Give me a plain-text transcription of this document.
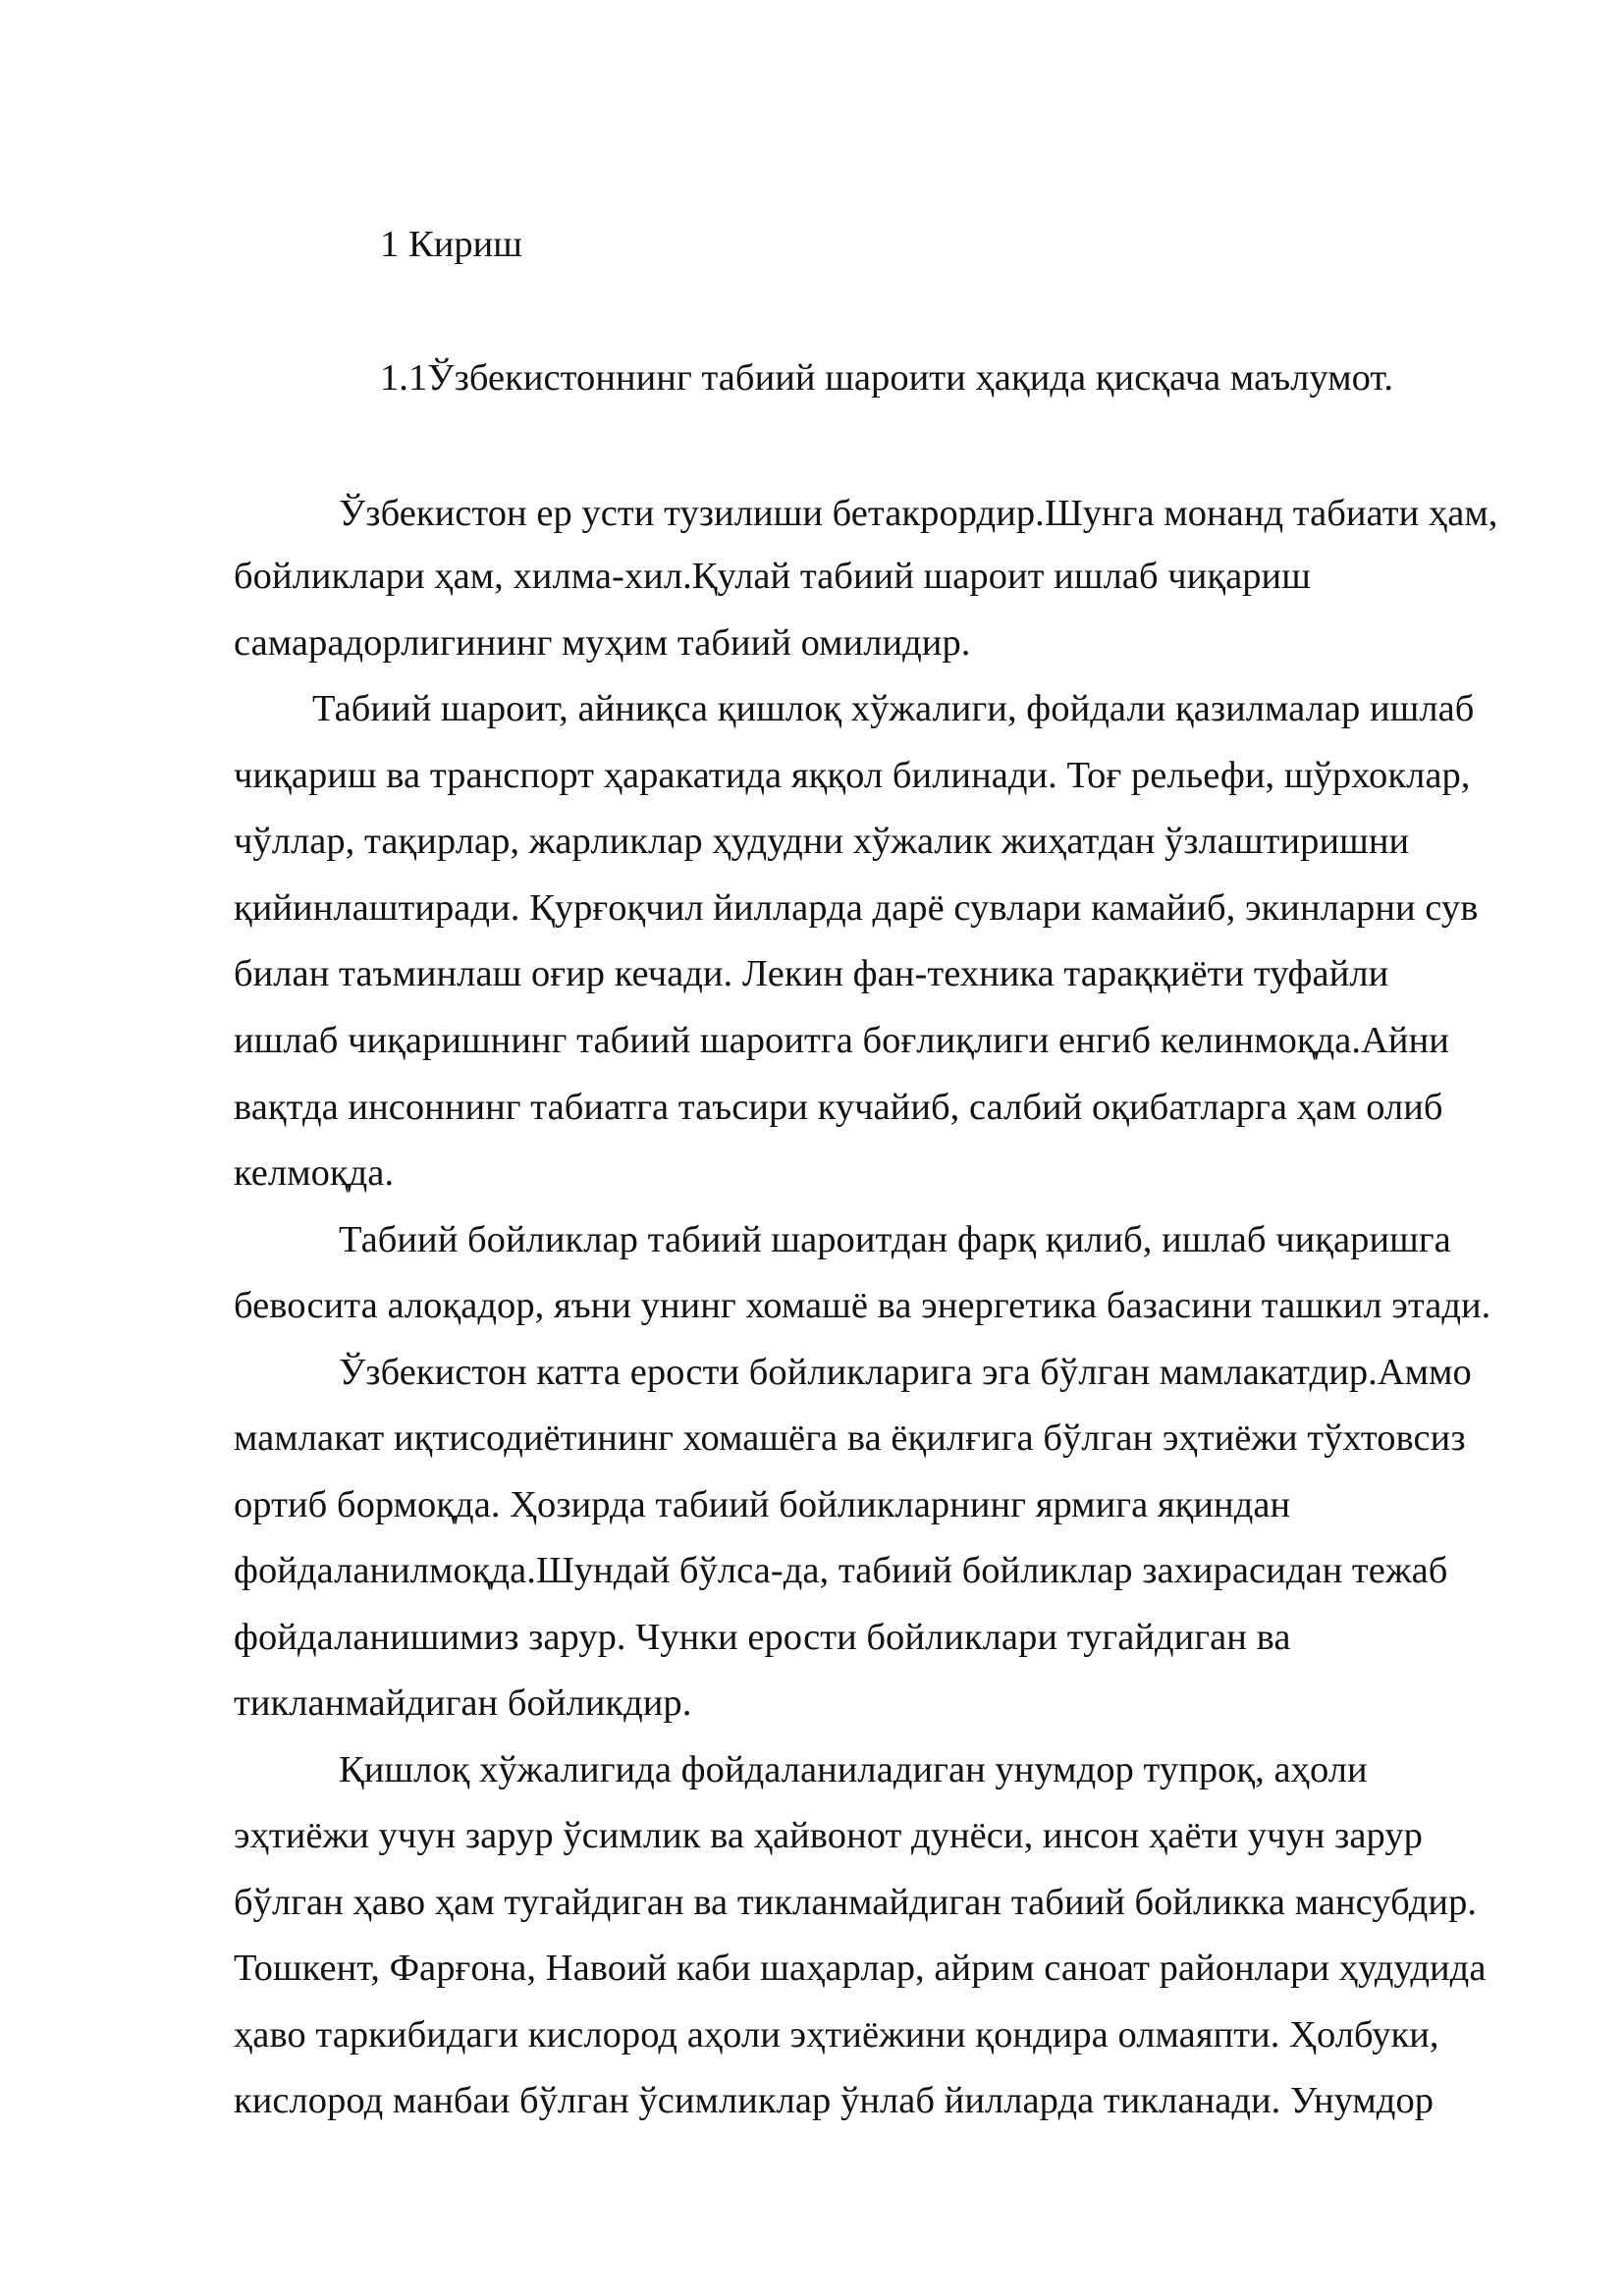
1 Кириш
1.1Ўзбекистоннинг табиий шароити ҳақида қисқача маълумот.
Ўзбекистон ер усти тузилиши бетакрордир.Шунга монанд табиати ҳам,
бойликлари ҳам, хилма-хил.Қулай табиий шароит ишлаб чиқариш
самарадорлигининг муҳим табиий омилидир.
Табиий шароит, айниқса қишлоқ хўжалиги, фойдали қазилмалар ишлаб
чиқариш ва транспорт ҳаракатида яққол билинади. Тоғ рельефи, шўрхоклар,
чўллар, тақирлар, жарликлар ҳудудни хўжалик жиҳатдан ўзлаштиришни
қийинлаштиради. Қурғоқчил йилларда дарё сувлари камайиб, экинларни сув
билан таъминлаш оғир кечади. Лекин фан-техника тараққиёти туфайли
ишлаб чиқаришнинг табиий шароитга боғлиқлиги енгиб келинмоқда.Айни
вақтда инсоннинг табиатга таъсири кучайиб, салбий оқибатларга ҳам олиб
келмоқда.
Табиий бойликлар табиий шароитдан фарқ қилиб, ишлаб чиқаришга
бевосита алоқадор, яъни унинг хомашё ва энергетика базасини ташкил этади.
Ўзбекистон катта ерости бойликларига эга бўлган мамлакатдир.Аммо
мамлакат иқтисодиётининг хомашёга ва ёқилғига бўлган эҳтиёжи тўхтовсиз
ортиб бормоқда. Ҳозирда табиий бойликларнинг ярмига яқиндан
фойдаланилмоқда.Шундай бўлса-да, табиий бойликлар захирасидан тежаб
фойдаланишимиз зарур. Чунки ерости бойликлари тугайдиган ва
тикланмайдиган бойликдир.
Қишлоқ хўжалигида фойдаланиладиган унумдор тупроқ, аҳоли
эҳтиёжи учун зарур ўсимлик ва ҳайвонот дунёси, инсон ҳаёти учун зарур
бўлган ҳаво ҳам тугайдиган ва тикланмайдиган табиий бойликка мансубдир.
Тошкент, Фарғона, Навоий каби шаҳарлар, айрим саноат районлари ҳудудида
ҳаво таркибидаги кислород аҳоли эҳтиёжини қондира олмаяпти. Ҳолбуки,
кислород манбаи бўлган ўсимликлар ўнлаб йилларда тикланади. Унумдор
